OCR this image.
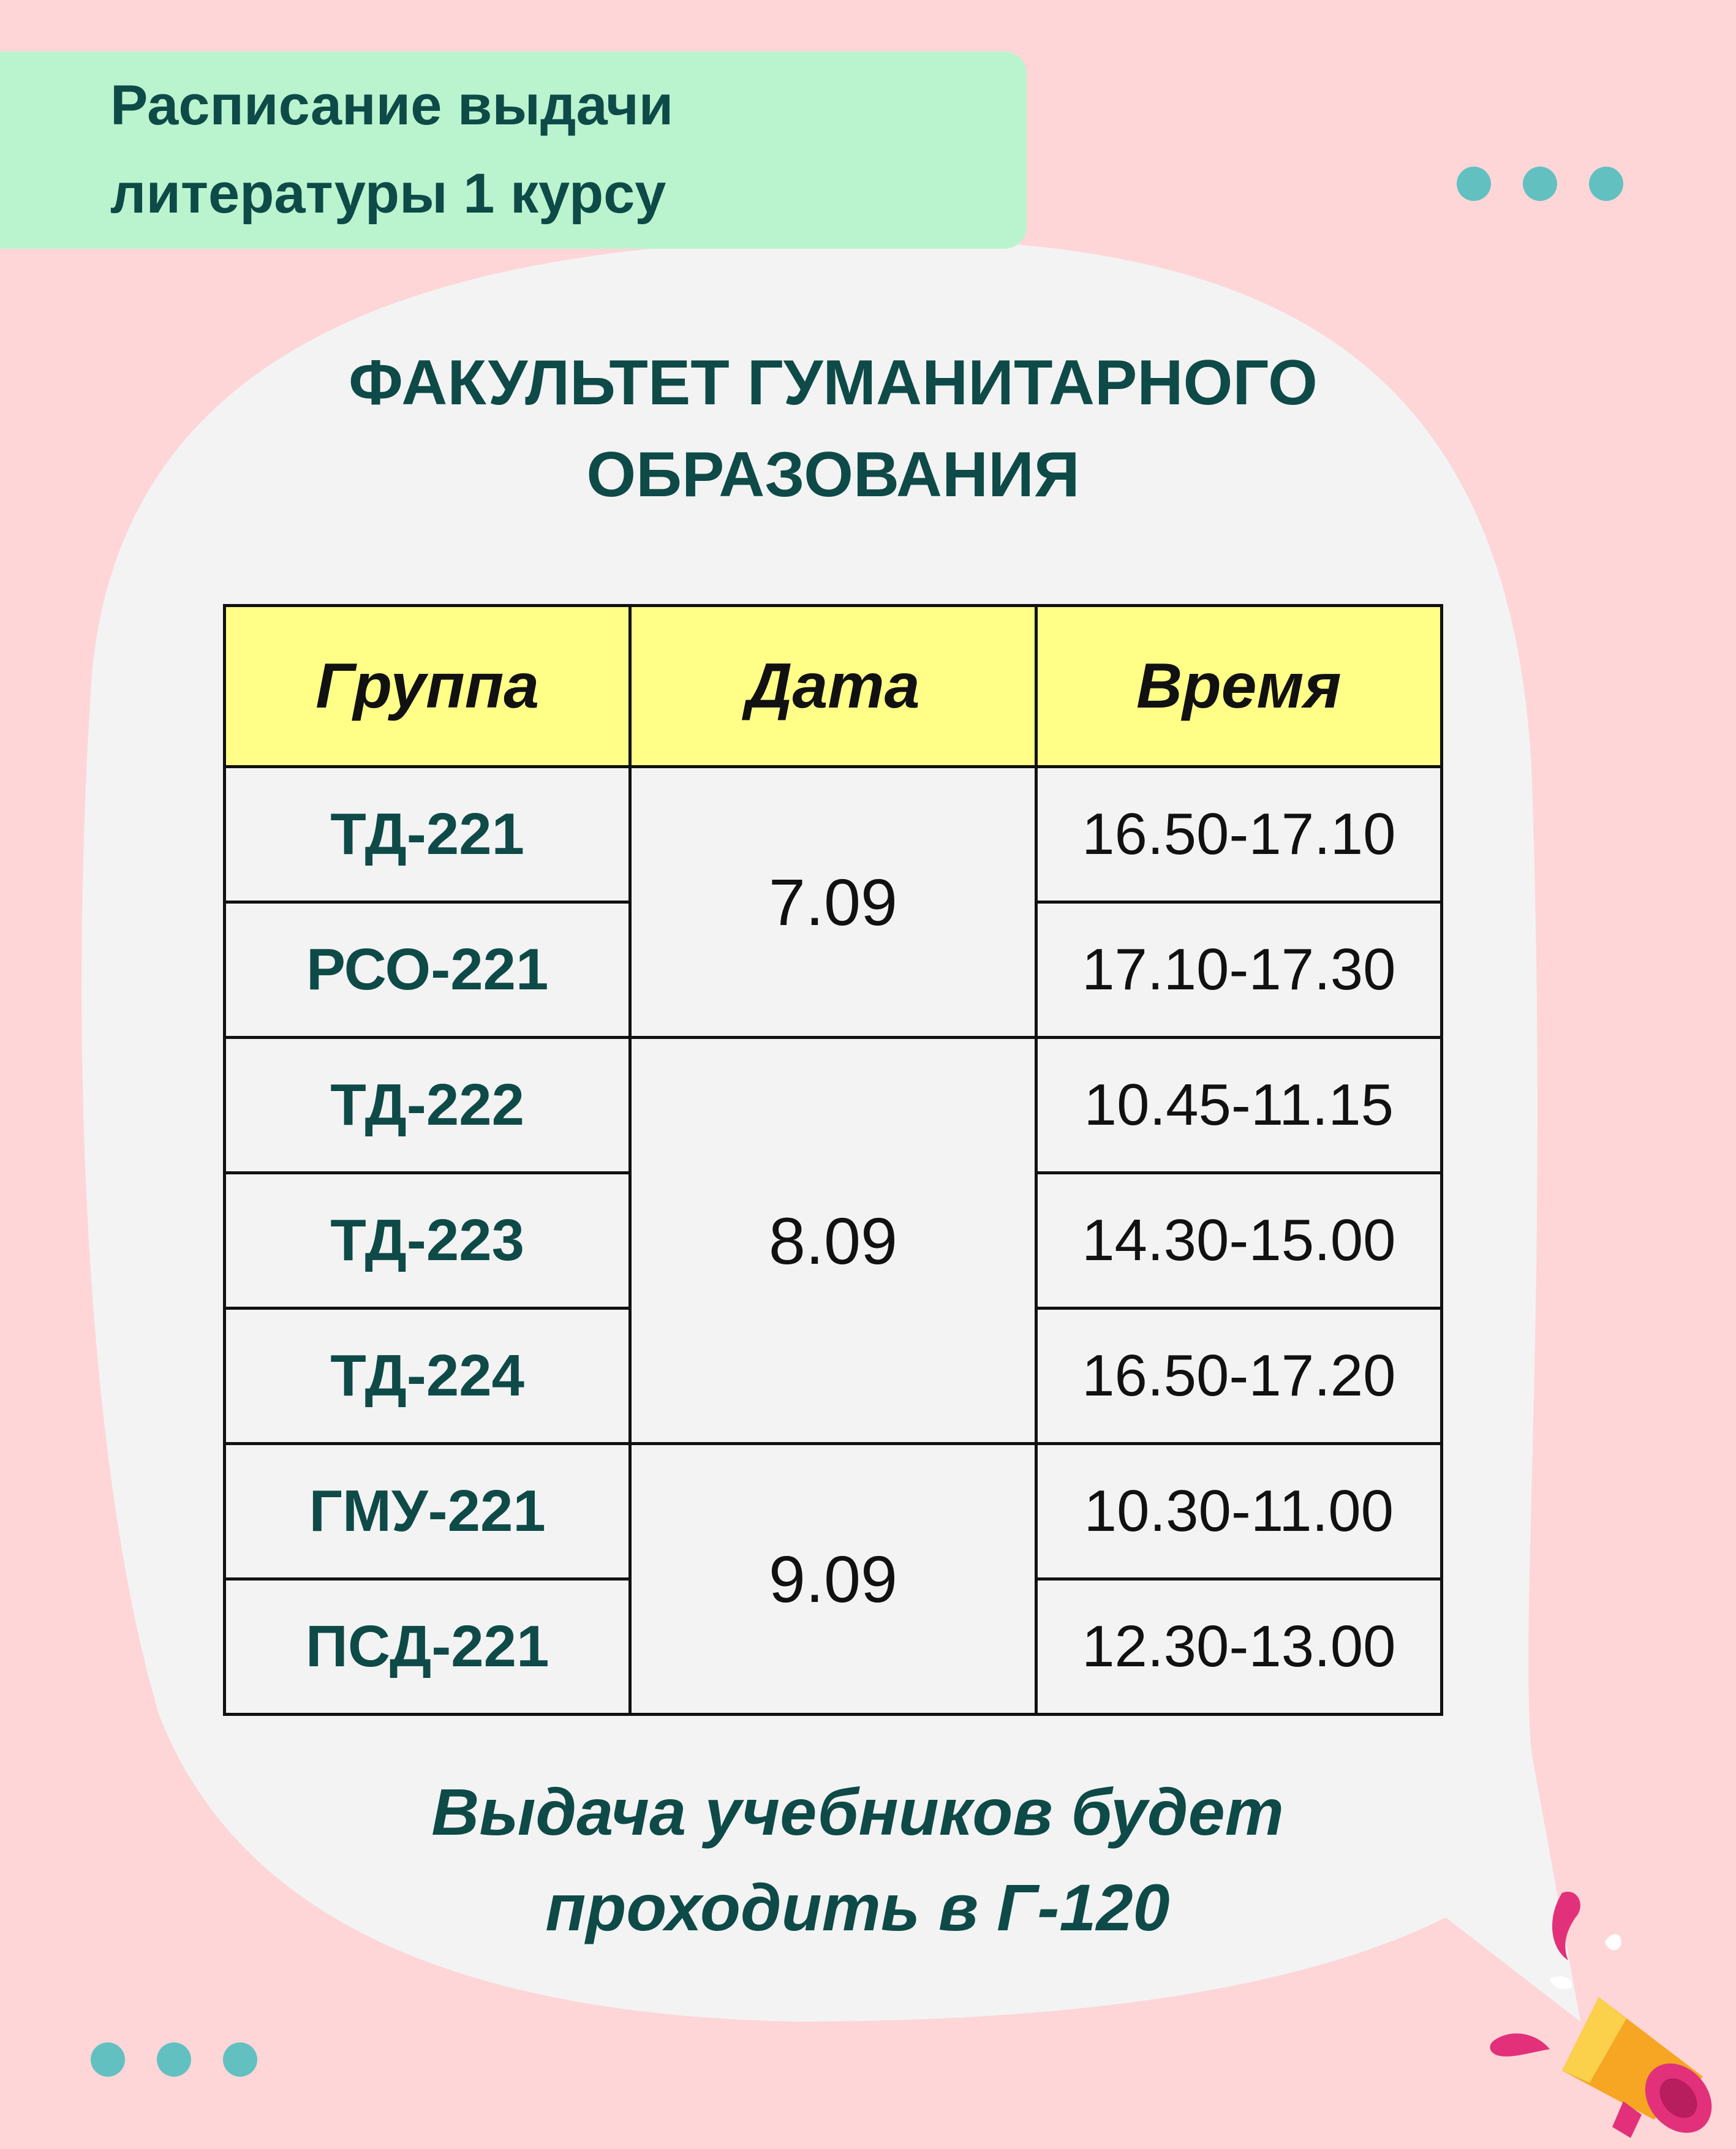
Расписание выдачи
литературы 1 курсу
ФАКУЛЬТЕТ ГУМАНИТАРНОГО
ОБРАЗОВАНИЯ
Группа	Дата	Время
ТД-221	7.09	16.50-17.10
РСО-221		17.10-17.30
ТД-222	8.09	10.45-11.15
ТД-223		14.30-15.00
ТД-224		16.50-17.20
ГМУ-221	9.09	10.30-11.00
ПСД-221		12.30-13.00

Выдача учебников будет
проходить в Г-120
